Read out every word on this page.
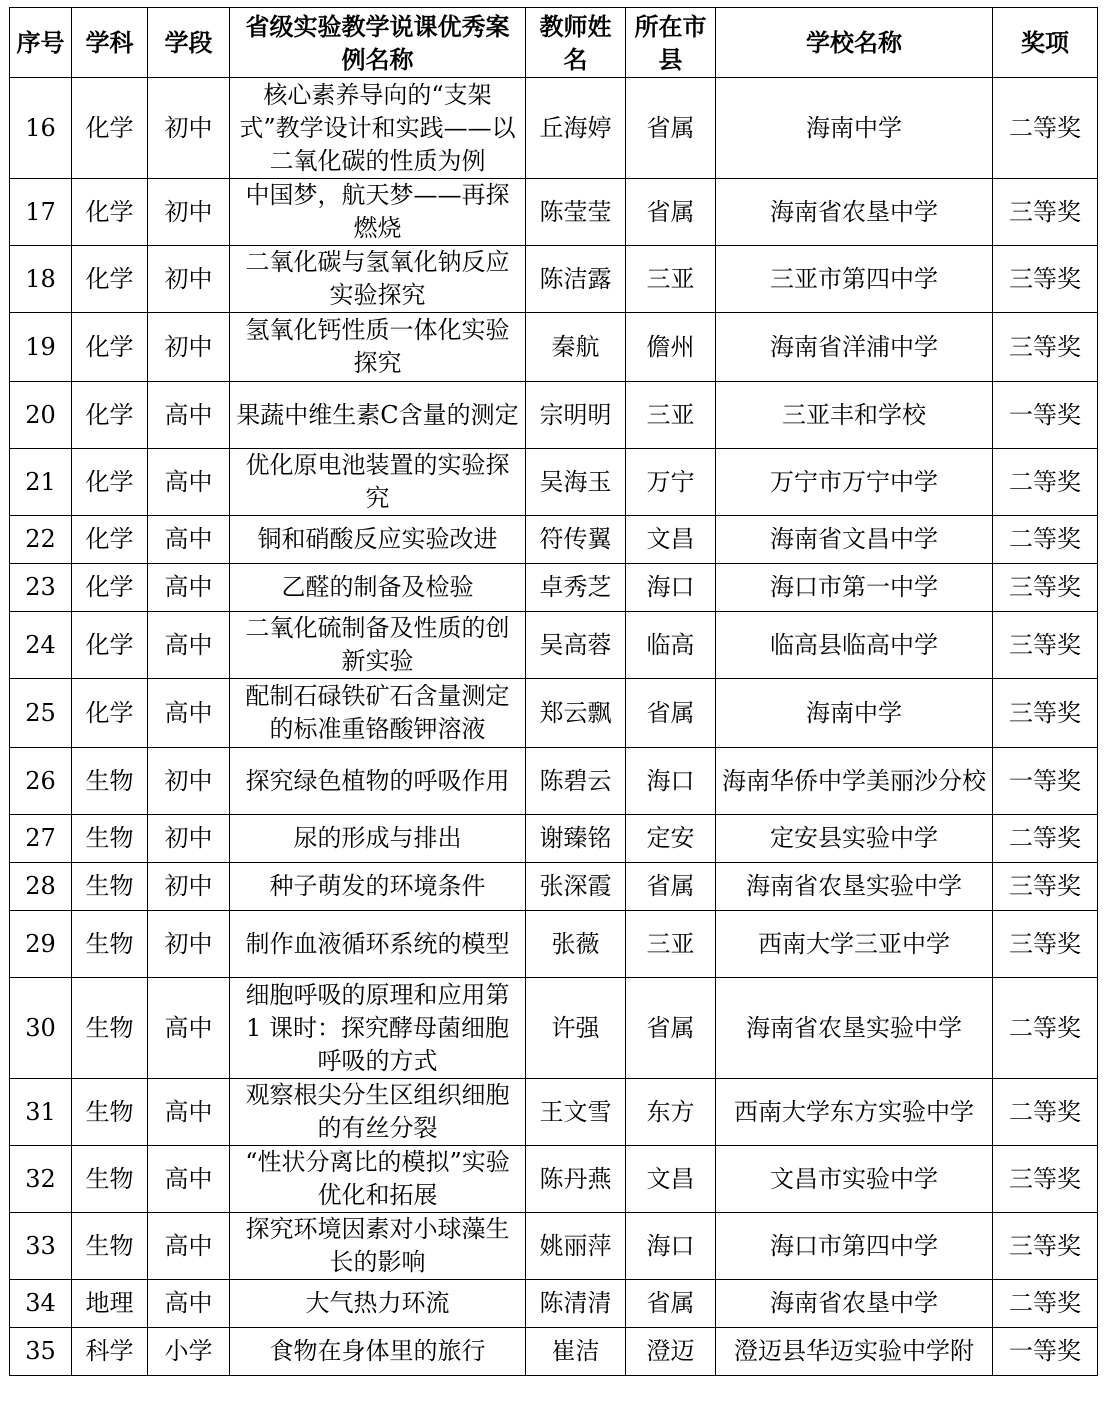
序号	学科	学段	省级实验教学说课优秀案例名称	教师姓名	所在市县	学校名称	奖项
16	化学	初中	核心素养导向的“支架式”教学设计和实践——以二氧化碳的性质为例	丘海婷	省属	海南中学	二等奖
17	化学	初中	中国梦，航天梦——再探燃烧	陈莹莹	省属	海南省农垦中学	三等奖
18	化学	初中	二氧化碳与氢氧化钠反应实验探究	陈洁露	三亚	三亚市第四中学	三等奖
19	化学	初中	氢氧化钙性质一体化实验探究	秦航	儋州	海南省洋浦中学	三等奖
20	化学	高中	果蔬中维生素C含量的测定	宗明明	三亚	三亚丰和学校	一等奖
21	化学	高中	优化原电池装置的实验探究	吴海玉	万宁	万宁市万宁中学	二等奖
22	化学	高中	铜和硝酸反应实验改进	符传翼	文昌	海南省文昌中学	二等奖
23	化学	高中	乙醛的制备及检验	卓秀芝	海口	海口市第一中学	三等奖
24	化学	高中	二氧化硫制备及性质的创新实验	吴高蓉	临高	临高县临高中学	三等奖
25	化学	高中	配制石碌铁矿石含量测定的标准重铬酸钾溶液	郑云飘	省属	海南中学	三等奖
26	生物	初中	探究绿色植物的呼吸作用	陈碧云	海口	海南华侨中学美丽沙分校	一等奖
27	生物	初中	尿的形成与排出	谢臻铭	定安	定安县实验中学	二等奖
28	生物	初中	种子萌发的环境条件	张深霞	省属	海南省农垦实验中学	三等奖
29	生物	初中	制作血液循环系统的模型	张薇	三亚	西南大学三亚中学	三等奖
30	生物	高中	细胞呼吸的原理和应用第 1 课时：探究酵母菌细胞呼吸的方式	许强	省属	海南省农垦实验中学	二等奖
31	生物	高中	观察根尖分生区组织细胞的有丝分裂	王文雪	东方	西南大学东方实验中学	二等奖
32	生物	高中	“性状分离比的模拟”实验优化和拓展	陈丹燕	文昌	文昌市实验中学	三等奖
33	生物	高中	探究环境因素对小球藻生长的影响	姚丽萍	海口	海口市第四中学	三等奖
34	地理	高中	大气热力环流	陈清清	省属	海南省农垦中学	二等奖
35	科学	小学	食物在身体里的旅行	崔洁	澄迈	澄迈县华迈实验中学附	一等奖
